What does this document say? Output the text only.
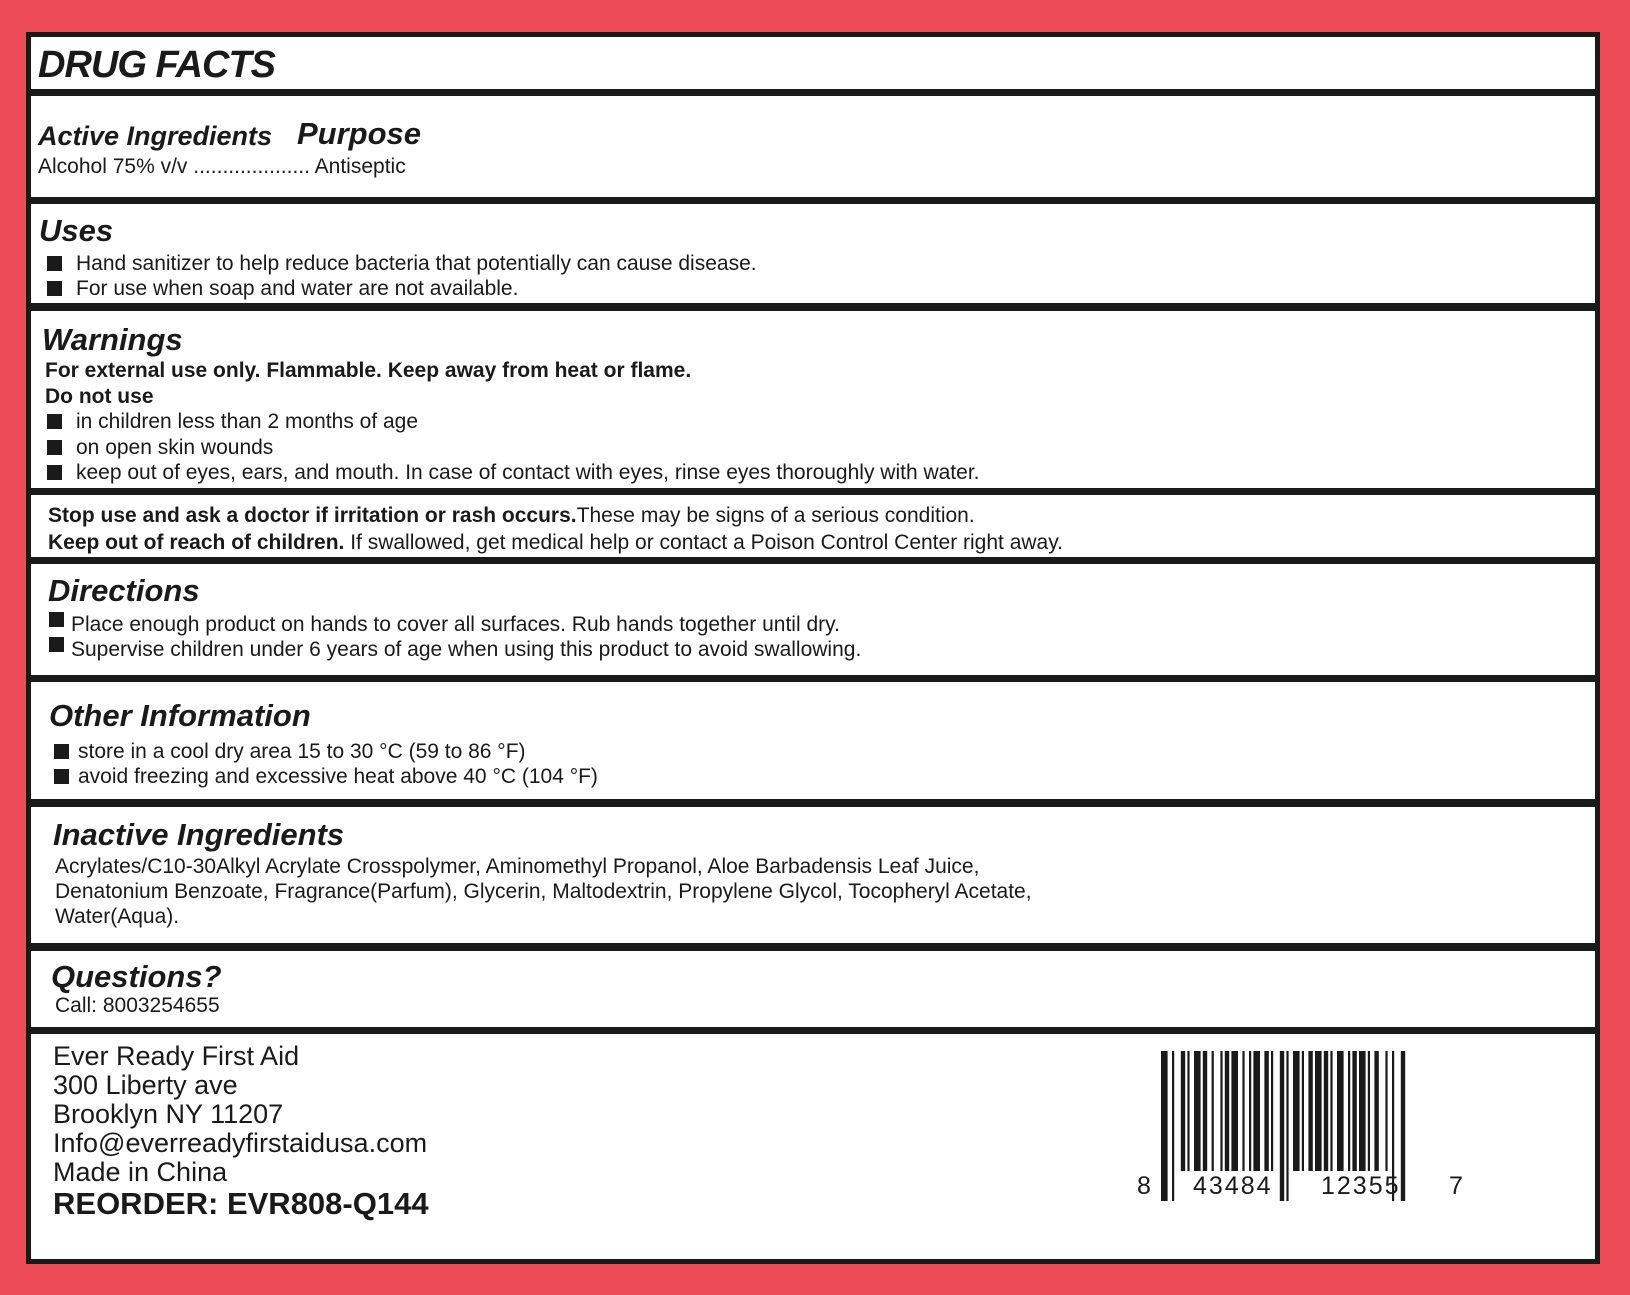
DRUG FACTS
Active Ingredients Purpose
Alcohol 75% v/v .................... Antiseptic
Uses
Hand sanitizer to help reduce bacteria that potentially can cause disease.
For use when soap and water are not available.
Warnings
For external use only. Flammable. Keep away from heat or flame.
Do not use
in children less than 2 months of age
on open skin wounds
keep out of eyes, ears, and mouth. In case of contact with eyes, rinse eyes thoroughly with water.
Stop use and ask a doctor if irritation or rash occurs.These may be signs of a serious condition.
Keep out of reach of children. If swallowed, get medical help or contact a Poison Control Center right away.
Directions
Place enough product on hands to cover all surfaces. Rub hands together until dry.
Supervise children under 6 years of age when using this product to avoid swallowing.
Other Information
store in a cool dry area 15 to 30 °C (59 to 86 °F)
avoid freezing and excessive heat above 40 °C (104 °F)
Inactive Ingredients
Acrylates/C10-30Alkyl Acrylate Crosspolymer, Aminomethyl Propanol, Aloe Barbadensis Leaf Juice,
Denatonium Benzoate, Fragrance(Parfum), Glycerin, Maltodextrin, Propylene Glycol, Tocopheryl Acetate,
Water(Aqua).
Questions?
Call: 8003254655
Ever Ready First Aid
300 Liberty ave
Brooklyn NY 11207
Info@everreadyfirstaidusa.com
Made in China
REORDER: EVR808-Q144	8 43484 12355 7
